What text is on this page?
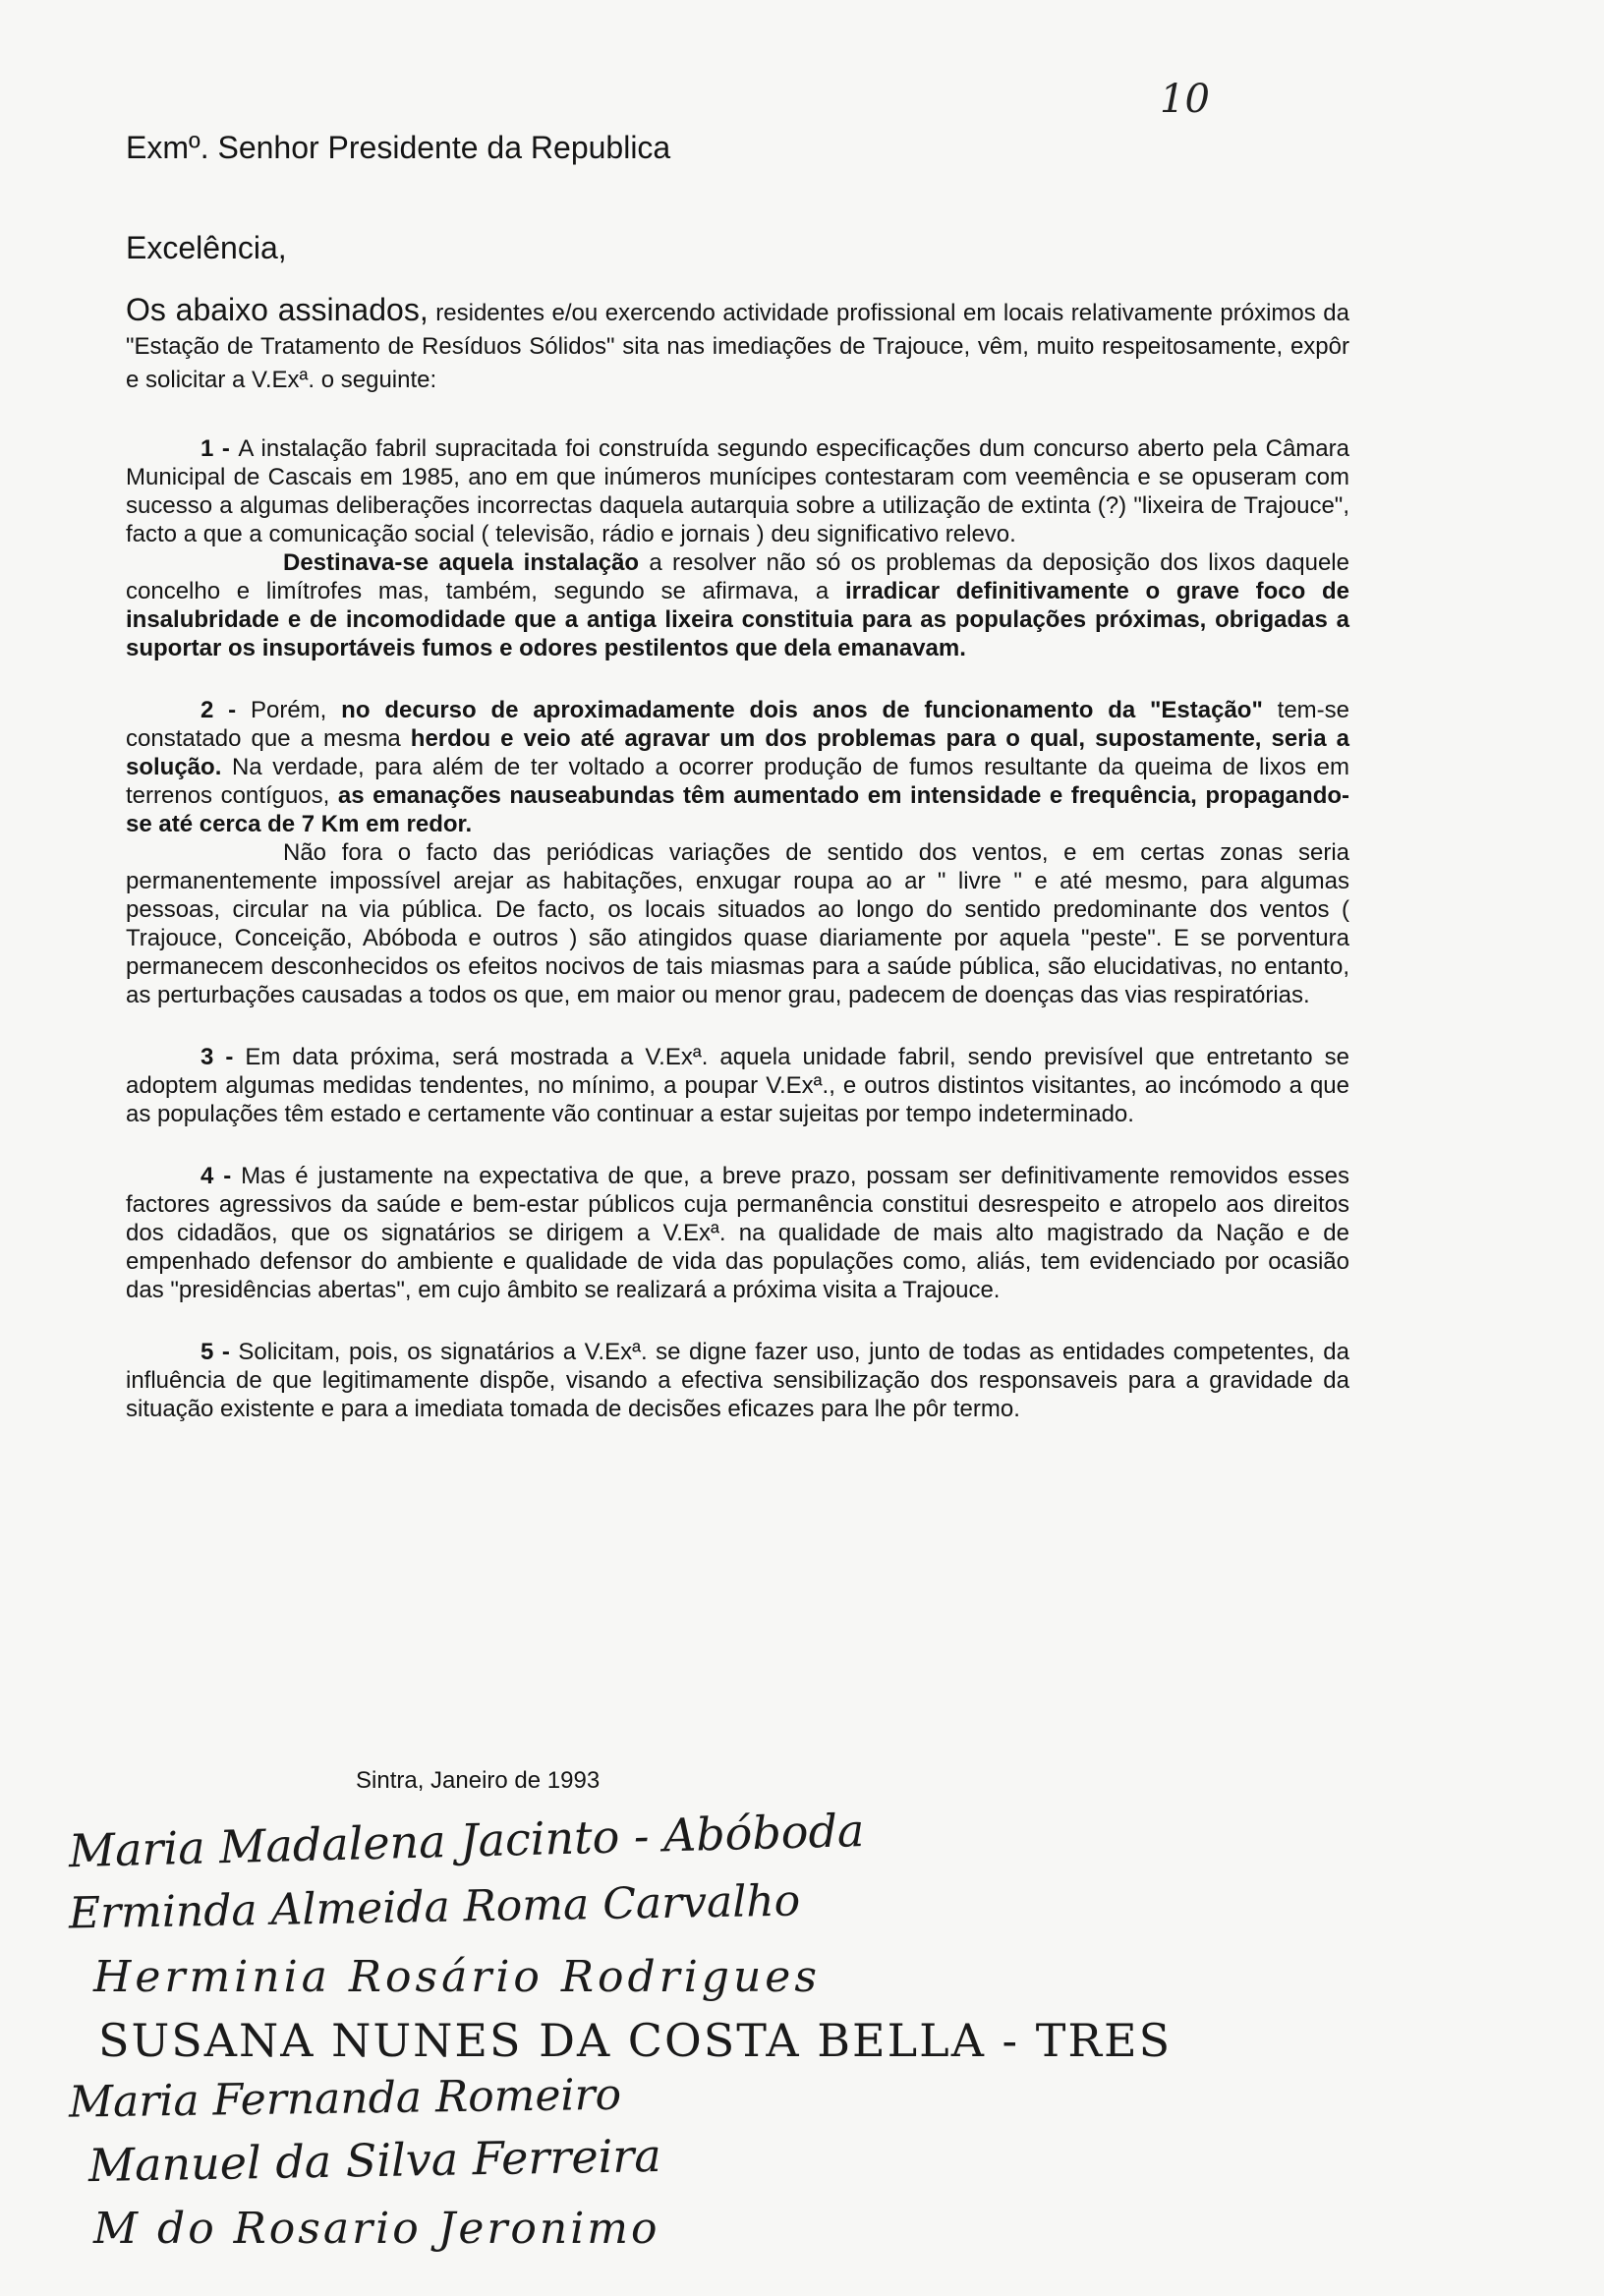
10
Exmº. Senhor Presidente da Republica
Excelência,
Os abaixo assinados, residentes e/ou exercendo actividade profissional em locais relativamente próximos da "Estação de Tratamento de Resíduos Sólidos" sita nas imediações de Trajouce, vêm, muito respeitosamente, expôr e solicitar a V.Exª. o seguinte:

1 - A instalação fabril supracitada foi construída segundo especificações dum concurso aberto pela Câmara Municipal de Cascais em 1985, ano em que inúmeros munícipes contestaram com veemência e se opuseram com sucesso a algumas deliberações incorrectas daquela autarquia sobre a utilização de extinta (?) "lixeira de Trajouce", facto a que a comunicação social ( televisão, rádio e jornais ) deu significativo relevo.

Destinava-se aquela instalação a resolver não só os problemas da deposição dos lixos daquele concelho e limítrofes mas, também, segundo se afirmava, a irradicar definitivamente o grave foco de insalubridade e de incomodidade que a antiga lixeira constituia para as populações próximas, obrigadas a suportar os insuportáveis fumos e odores pestilentos que dela emanavam.

2 - Porém, no decurso de aproximadamente dois anos de funcionamento da "Estação" tem-se constatado que a mesma herdou e veio até agravar um dos problemas para o qual, supostamente, seria a solução. Na verdade, para além de ter voltado a ocorrer produção de fumos resultante da queima de lixos em terrenos contíguos, as emanações nauseabundas têm aumentado em intensidade e frequência, propagando-se até cerca de 7 Km em redor.

Não fora o facto das periódicas variações de sentido dos ventos, e em certas zonas seria permanentemente impossível arejar as habitações, enxugar roupa ao ar " livre " e até mesmo, para algumas pessoas, circular na via pública. De facto, os locais situados ao longo do sentido predominante dos ventos ( Trajouce, Conceição, Abóboda e outros ) são atingidos quase diariamente por aquela "peste". E se porventura permanecem desconhecidos os efeitos nocivos de tais miasmas para a saúde pública, são elucidativas, no entanto, as perturbações causadas a todos os que, em maior ou menor grau, padecem de doenças das vias respiratórias.

3 - Em data próxima, será mostrada a V.Exª. aquela unidade fabril, sendo previsível que entretanto se adoptem algumas medidas tendentes, no mínimo, a poupar V.Exª., e outros distintos visitantes, ao incómodo a que as populações têm estado e certamente vão continuar a estar sujeitas por tempo indeterminado.

4 - Mas é justamente na expectativa de que, a breve prazo, possam ser definitivamente removidos esses factores agressivos da saúde e bem-estar públicos cuja permanência constitui desrespeito e atropelo aos direitos dos cidadãos, que os signatários se dirigem a V.Exª. na qualidade de mais alto magistrado da Nação e de empenhado defensor do ambiente e qualidade de vida das populações como, aliás, tem evidenciado por ocasião das "presidências abertas", em cujo âmbito se realizará a próxima visita a Trajouce.

5 - Solicitam, pois, os signatários a V.Exª. se digne fazer uso, junto de todas as entidades competentes, da influência de que legitimamente dispõe, visando a efectiva sensibilização dos responsaveis para a gravidade da situação existente e para a imediata tomada de decisões eficazes para lhe pôr termo.

Sintra, Janeiro de 1993
Maria Madalena Jacinto - Abóboda
Erminda Almeida Roma Carvalho
Herminia Rosário Rodrigues
SUSANA NUNES DA COSTA BELLA - TRES
Maria Fernanda Romeiro
Manuel da Silva Ferreira
M do Rosario Jeronimo
